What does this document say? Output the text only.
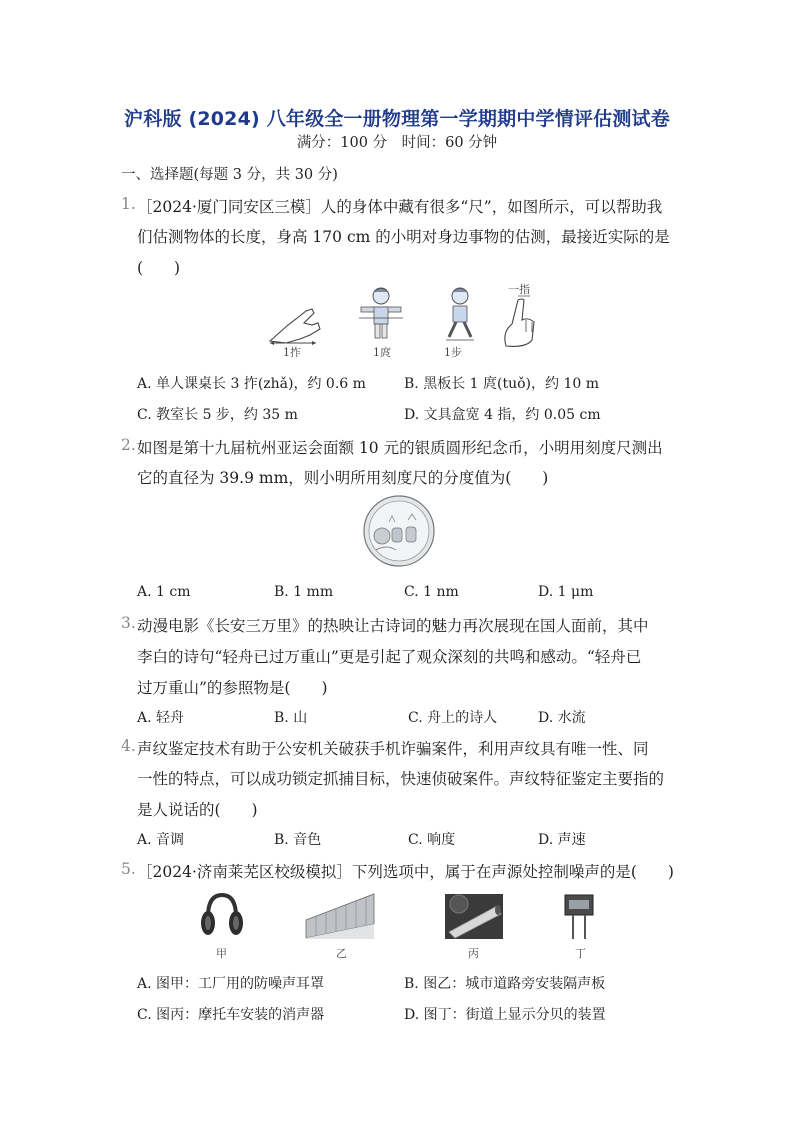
沪科版 (2024) 八年级全一册物理第一学期期中学情评估测试卷
满分：100 分　时间：60 分钟
一、选择题(每题 3 分，共 30 分)
1. ［2024·厦门同安区三模］人的身体中藏有很多“尺”，如图所示，可以帮助我
们估测物体的长度，身高 170 cm 的小明对身边事物的估测，最接近实际的是
(　　)
1拃	1庹	1步
一指
A. 单人课桌长 3 拃(zhǎ)，约 0.6 m	B. 黑板长 1 庹(tuǒ)，约 10 m
C. 教室长 5 步，约 35 m	D. 文具盒宽 4 指，约 0.05 cm
2. 如图是第十九届杭州亚运会面额 10 元的银质圆形纪念币，小明用刻度尺测出
它的直径为 39.9 mm，则小明所用刻度尺的分度值为(　　)
A. 1 cm	B. 1 mm	C. 1 nm	D. 1 μm
3. 动漫电影《长安三万里》的热映让古诗词的魅力再次展现在国人面前，其中
李白的诗句“轻舟已过万重山”更是引起了观众深刻的共鸣和感动。“轻舟已
过万重山”的参照物是(　　)
A. 轻舟	B. 山	C. 舟上的诗人	D. 水流
4. 声纹鉴定技术有助于公安机关破获手机诈骗案件，利用声纹具有唯一性、同
一性的特点，可以成功锁定抓捕目标，快速侦破案件。声纹特征鉴定主要指的
是人说话的(　　)
A. 音调	B. 音色	C. 响度	D. 声速
5. ［2024·济南莱芜区校级模拟］下列选项中，属于在声源处控制噪声的是(　　)
甲	乙	丙	丁
A. 图甲：工厂用的防噪声耳罩	B. 图乙：城市道路旁安装隔声板
C. 图丙：摩托车安装的消声器	D. 图丁：街道上显示分贝的装置
